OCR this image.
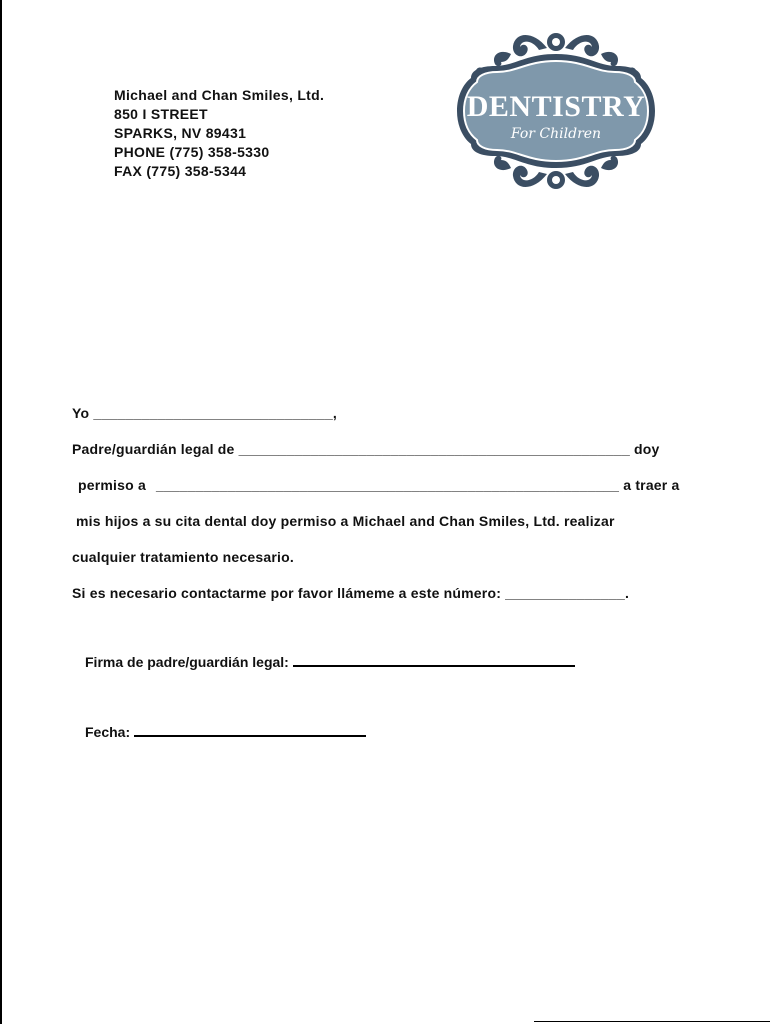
Michael and Chan Smiles, Ltd.
850 I STREET
SPARKS, NV 89431
PHONE (775) 358-5330
FAX (775) 358-5344
DENTISTRY
For Children
Yo ______________________________,
Padre/guardián legal de _________________________________________________ doy
permiso a __________________________________________________________ a traer a
mis hijos a su cita dental doy permiso a Michael and Chan Smiles, Ltd. realizar
cualquier tratamiento necesario.
Si es necesario contactarme por favor llámeme a este número: _______________.
Firma de padre/guardián legal:
Fecha:
